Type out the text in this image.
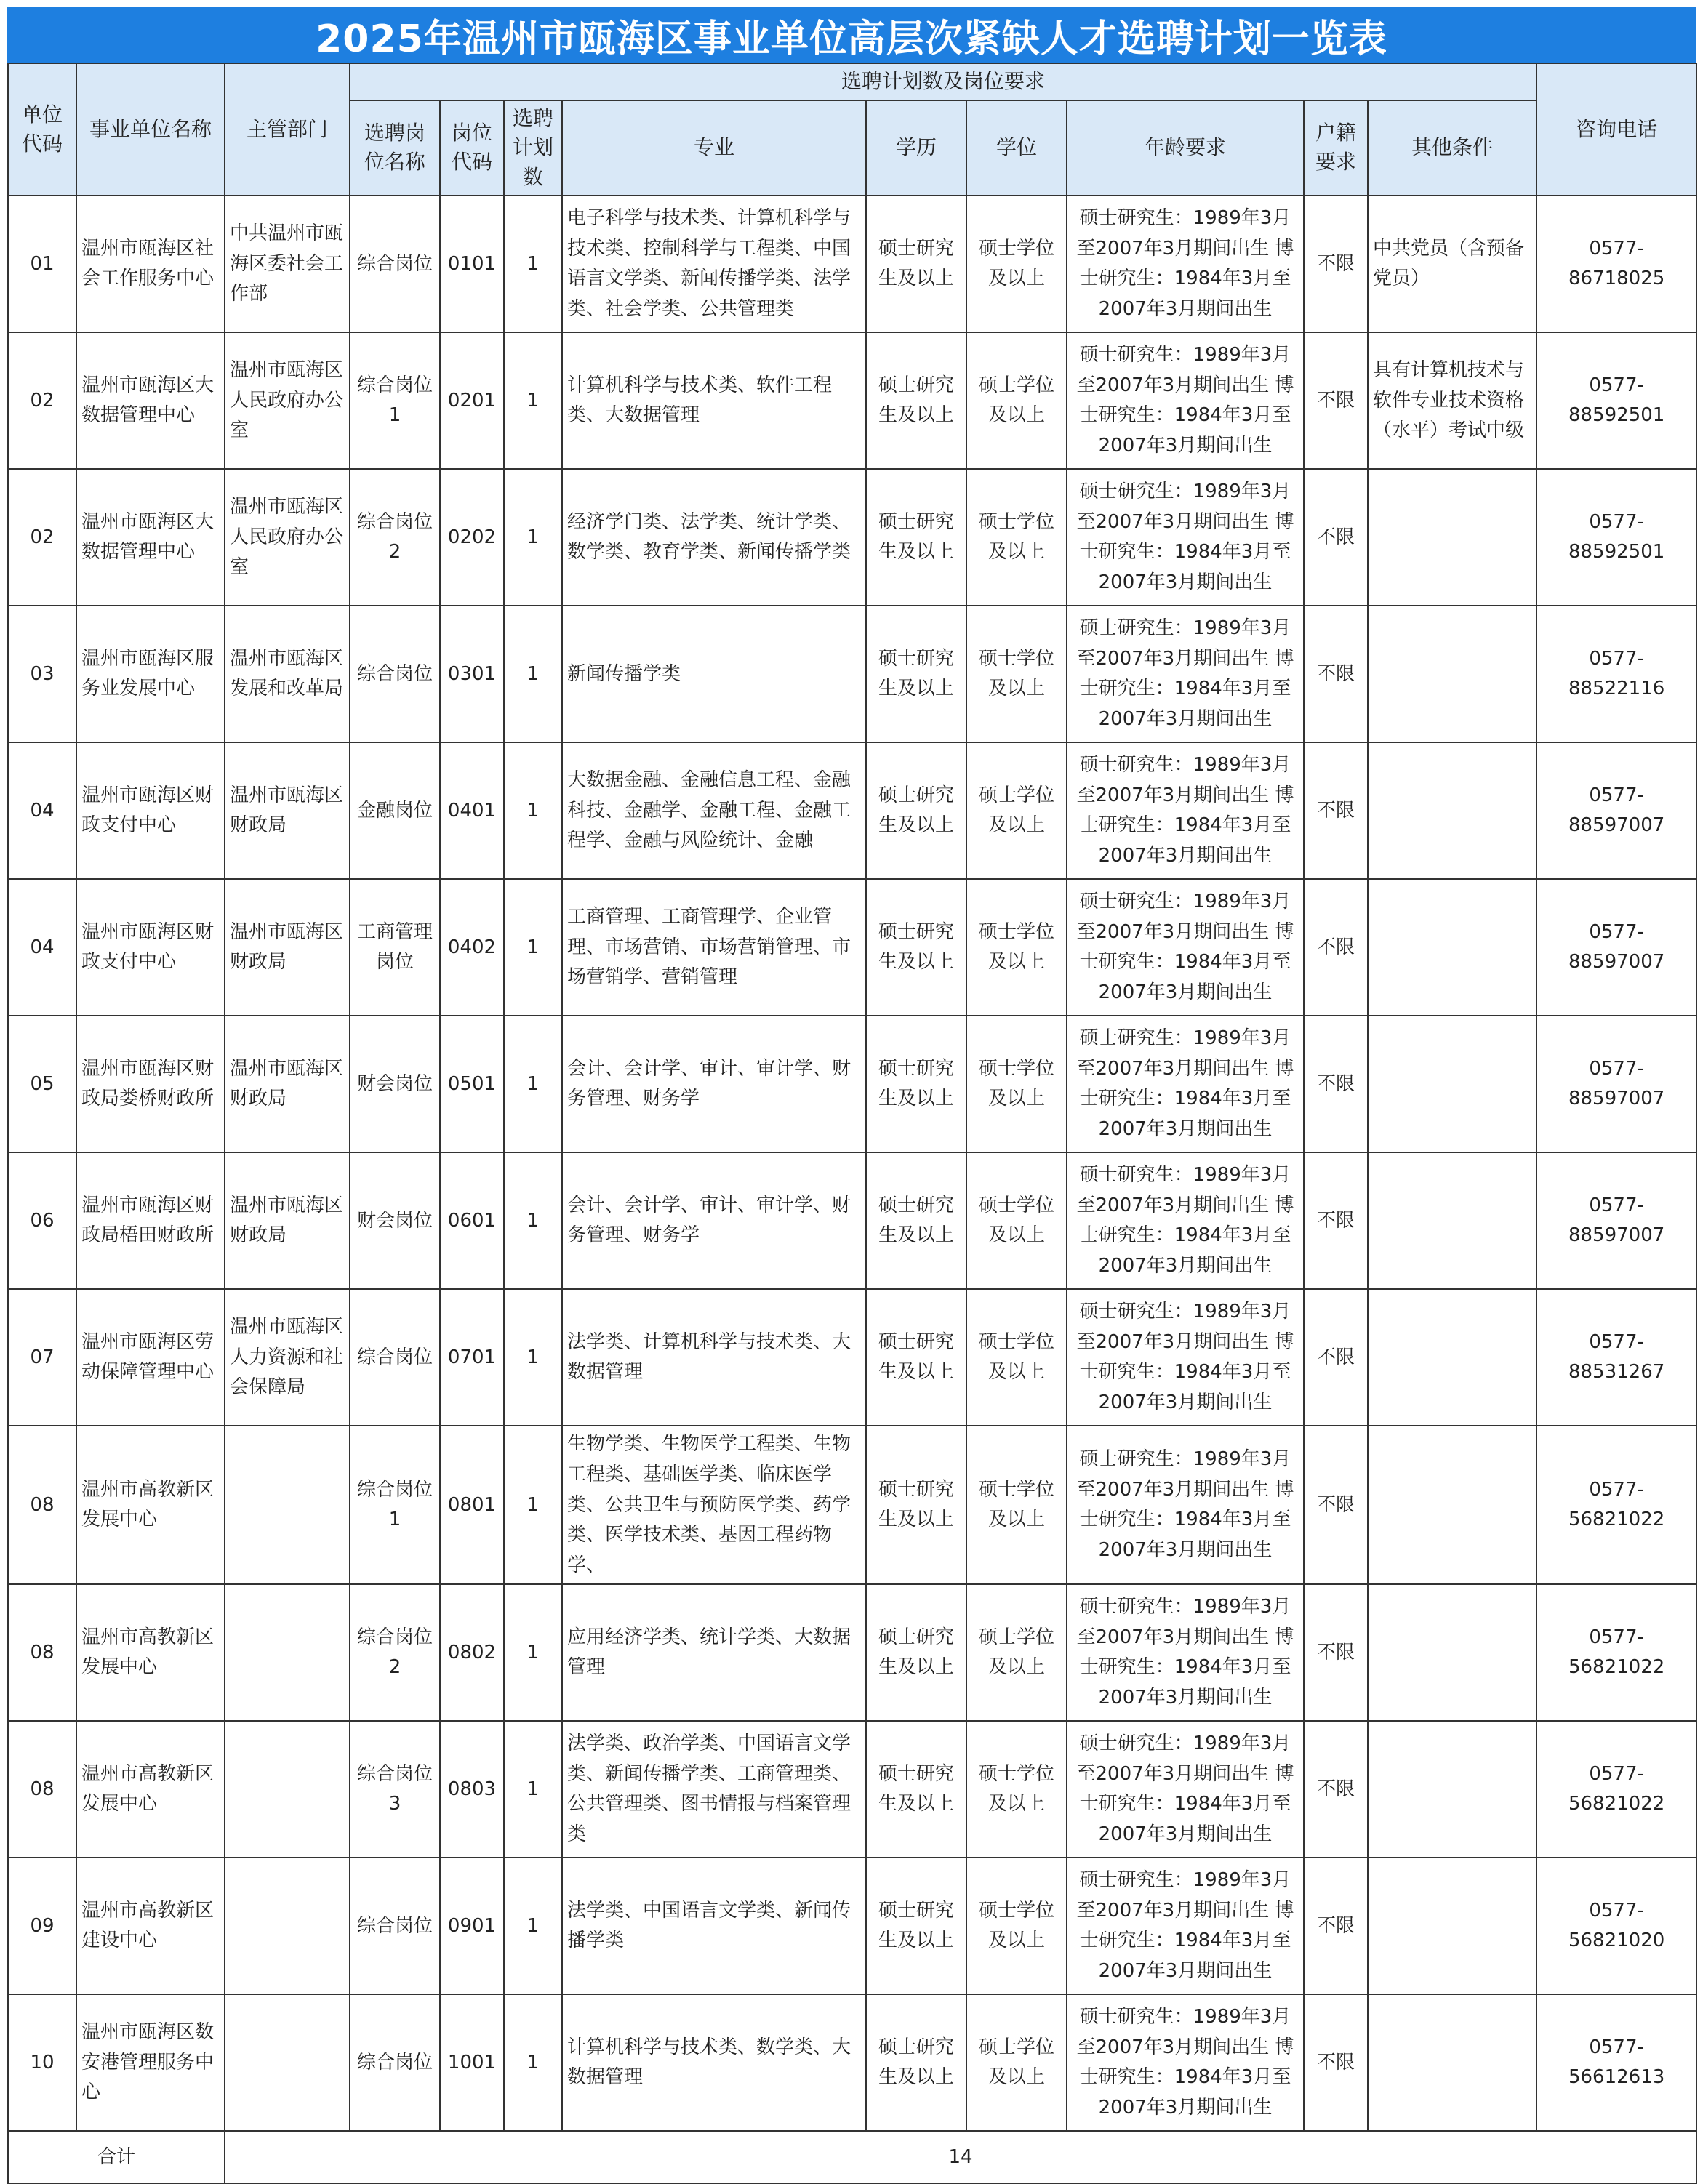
2025年温州市瓯海区事业单位高层次紧缺人才选聘计划一览表
单位代码	事业单位名称	主管部门	选聘计划数及岗位要求									咨询电话
			选聘岗位名称	岗位代码	选聘计划数	专业	学历	学位	年龄要求	户籍要求	其他条件	
01	温州市瓯海区社会工作服务中心	中共温州市瓯海区委社会工作部	综合岗位	0101	1	电子科学与技术类、计算机科学与技术类、控制科学与工程类、中国语言文学类、新闻传播学类、法学类、社会学类、公共管理类	硕士研究生及以上	硕士学位及以上	硕士研究生：1989年3月至2007年3月期间出生 博士研究生：1984年3月至2007年3月期间出生	不限	中共党员（含预备党员）	0577-86718025
02	温州市瓯海区大数据管理中心	温州市瓯海区人民政府办公室	综合岗位1	0201	1	计算机科学与技术类、软件工程类、大数据管理	硕士研究生及以上	硕士学位及以上	硕士研究生：1989年3月至2007年3月期间出生 博士研究生：1984年3月至2007年3月期间出生	不限	具有计算机技术与软件专业技术资格（水平）考试中级	0577-88592501
02	温州市瓯海区大数据管理中心	温州市瓯海区人民政府办公室	综合岗位2	0202	1	经济学门类、法学类、统计学类、数学类、教育学类、新闻传播学类	硕士研究生及以上	硕士学位及以上	硕士研究生：1989年3月至2007年3月期间出生 博士研究生：1984年3月至2007年3月期间出生	不限		0577-88592501
03	温州市瓯海区服务业发展中心	温州市瓯海区发展和改革局	综合岗位	0301	1	新闻传播学类	硕士研究生及以上	硕士学位及以上	硕士研究生：1989年3月至2007年3月期间出生 博士研究生：1984年3月至2007年3月期间出生	不限		0577-88522116
04	温州市瓯海区财政支付中心	温州市瓯海区财政局	金融岗位	0401	1	大数据金融、金融信息工程、金融科技、金融学、金融工程、金融工程学、金融与风险统计、金融	硕士研究生及以上	硕士学位及以上	硕士研究生：1989年3月至2007年3月期间出生 博士研究生：1984年3月至2007年3月期间出生	不限		0577-88597007
04	温州市瓯海区财政支付中心	温州市瓯海区财政局	工商管理岗位	0402	1	工商管理、工商管理学、企业管理、市场营销、市场营销管理、市场营销学、营销管理	硕士研究生及以上	硕士学位及以上	硕士研究生：1989年3月至2007年3月期间出生 博士研究生：1984年3月至2007年3月期间出生	不限		0577-88597007
05	温州市瓯海区财政局娄桥财政所	温州市瓯海区财政局	财会岗位	0501	1	会计、会计学、审计、审计学、财务管理、财务学	硕士研究生及以上	硕士学位及以上	硕士研究生：1989年3月至2007年3月期间出生 博士研究生：1984年3月至2007年3月期间出生	不限		0577-88597007
06	温州市瓯海区财政局梧田财政所	温州市瓯海区财政局	财会岗位	0601	1	会计、会计学、审计、审计学、财务管理、财务学	硕士研究生及以上	硕士学位及以上	硕士研究生：1989年3月至2007年3月期间出生 博士研究生：1984年3月至2007年3月期间出生	不限		0577-88597007
07	温州市瓯海区劳动保障管理中心	温州市瓯海区人力资源和社会保障局	综合岗位	0701	1	法学类、计算机科学与技术类、大数据管理	硕士研究生及以上	硕士学位及以上	硕士研究生：1989年3月至2007年3月期间出生 博士研究生：1984年3月至2007年3月期间出生	不限		0577-88531267
08	温州市高教新区发展中心		综合岗位1	0801	1	生物学类、生物医学工程类、生物工程类、基础医学类、临床医学类、公共卫生与预防医学类、药学类、医学技术类、基因工程药物学、	硕士研究生及以上	硕士学位及以上	硕士研究生：1989年3月至2007年3月期间出生 博士研究生：1984年3月至2007年3月期间出生	不限		0577-56821022
08	温州市高教新区发展中心		综合岗位2	0802	1	应用经济学类、统计学类、大数据管理	硕士研究生及以上	硕士学位及以上	硕士研究生：1989年3月至2007年3月期间出生 博士研究生：1984年3月至2007年3月期间出生	不限		0577-56821022
08	温州市高教新区发展中心		综合岗位3	0803	1	法学类、政治学类、中国语言文学类、新闻传播学类、工商管理类、公共管理类、图书情报与档案管理类	硕士研究生及以上	硕士学位及以上	硕士研究生：1989年3月至2007年3月期间出生 博士研究生：1984年3月至2007年3月期间出生	不限		0577-56821022
09	温州市高教新区建设中心		综合岗位	0901	1	法学类、中国语言文学类、新闻传播学类	硕士研究生及以上	硕士学位及以上	硕士研究生：1989年3月至2007年3月期间出生 博士研究生：1984年3月至2007年3月期间出生	不限		0577-56821020
10	温州市瓯海区数安港管理服务中心		综合岗位	1001	1	计算机科学与技术类、数学类、大数据管理	硕士研究生及以上	硕士学位及以上	硕士研究生：1989年3月至2007年3月期间出生 博士研究生：1984年3月至2007年3月期间出生	不限		0577-56612613
合计		14										
